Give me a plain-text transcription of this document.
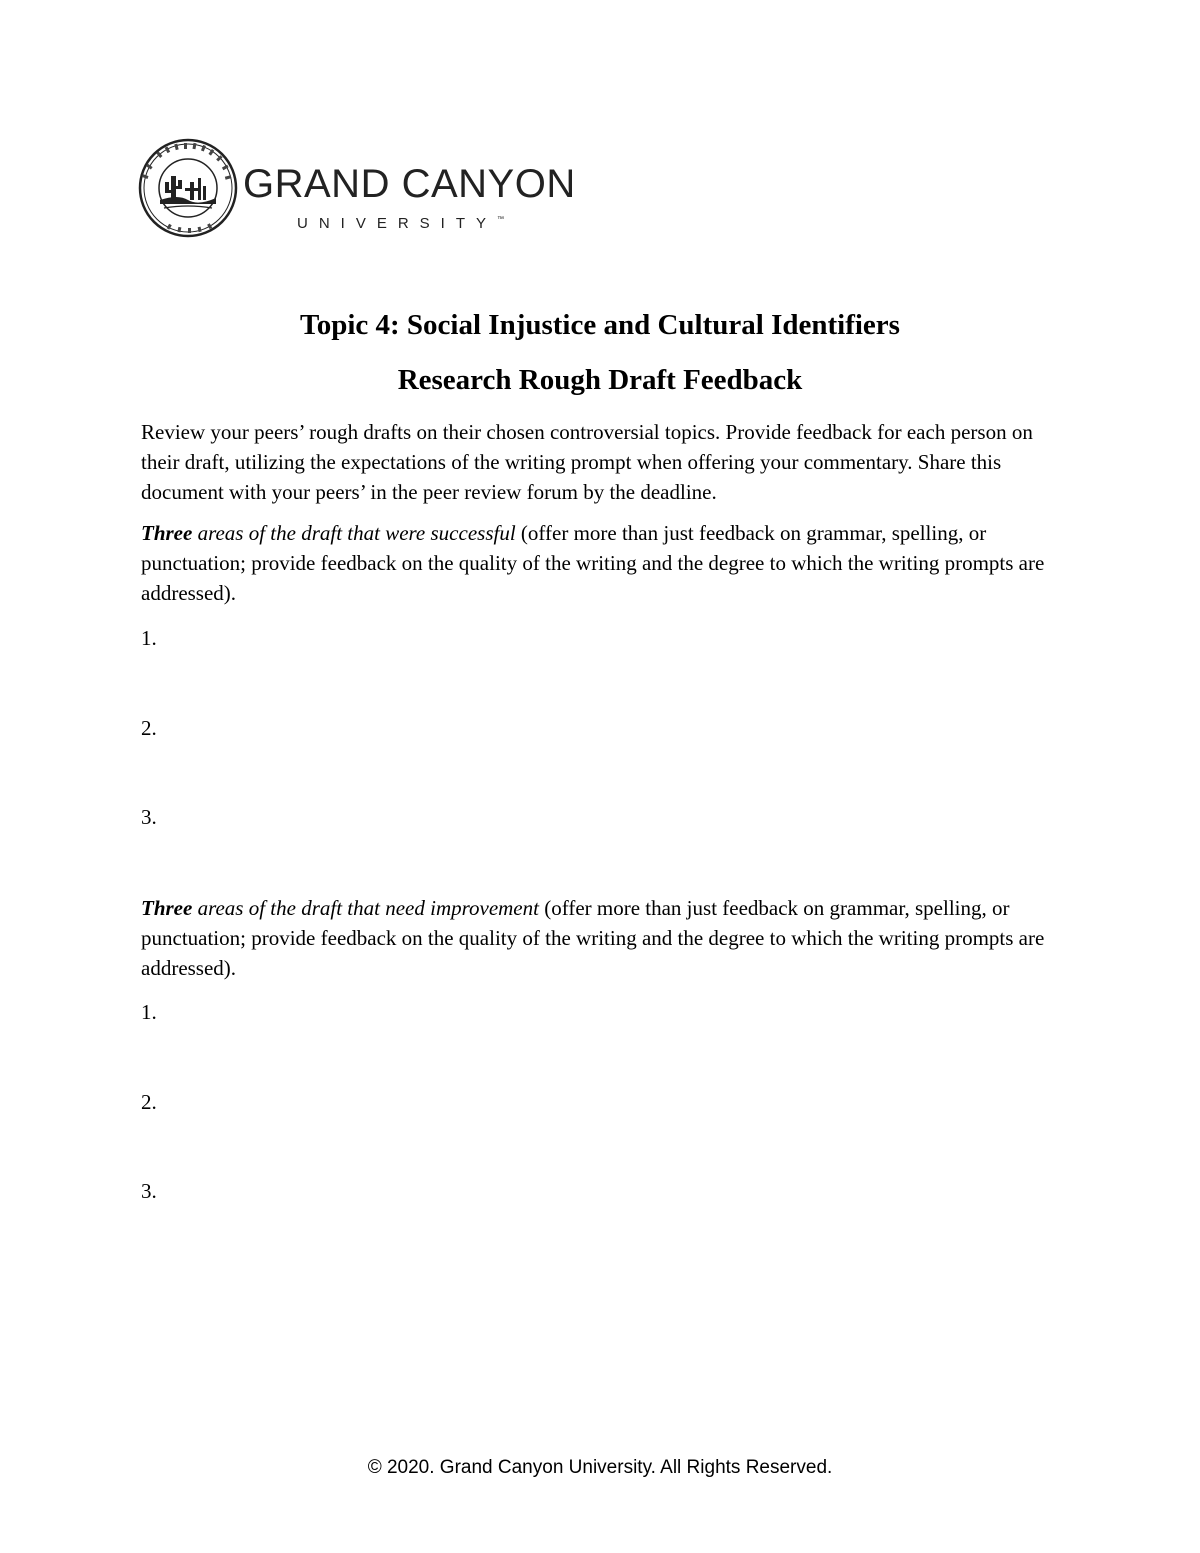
GRAND CANYON
UNIVERSITY™
Topic 4: Social Injustice and Cultural Identifiers
Research Rough Draft Feedback

Review your peers’ rough drafts on their chosen controversial topics. Provide feedback for each person on their draft, utilizing the expectations of the writing prompt when offering your commentary. Share this document with your peers’ in the peer review forum by the deadline.

Three areas of the draft that were successful (offer more than just feedback on grammar, spelling, or punctuation; provide feedback on the quality of the writing and the degree to which the writing prompts are addressed).

1.

2.

3.

Three areas of the draft that need improvement (offer more than just feedback on grammar, spelling, or punctuation; provide feedback on the quality of the writing and the degree to which the writing prompts are addressed).

1.

2.

3.

© 2020. Grand Canyon University. All Rights Reserved.
